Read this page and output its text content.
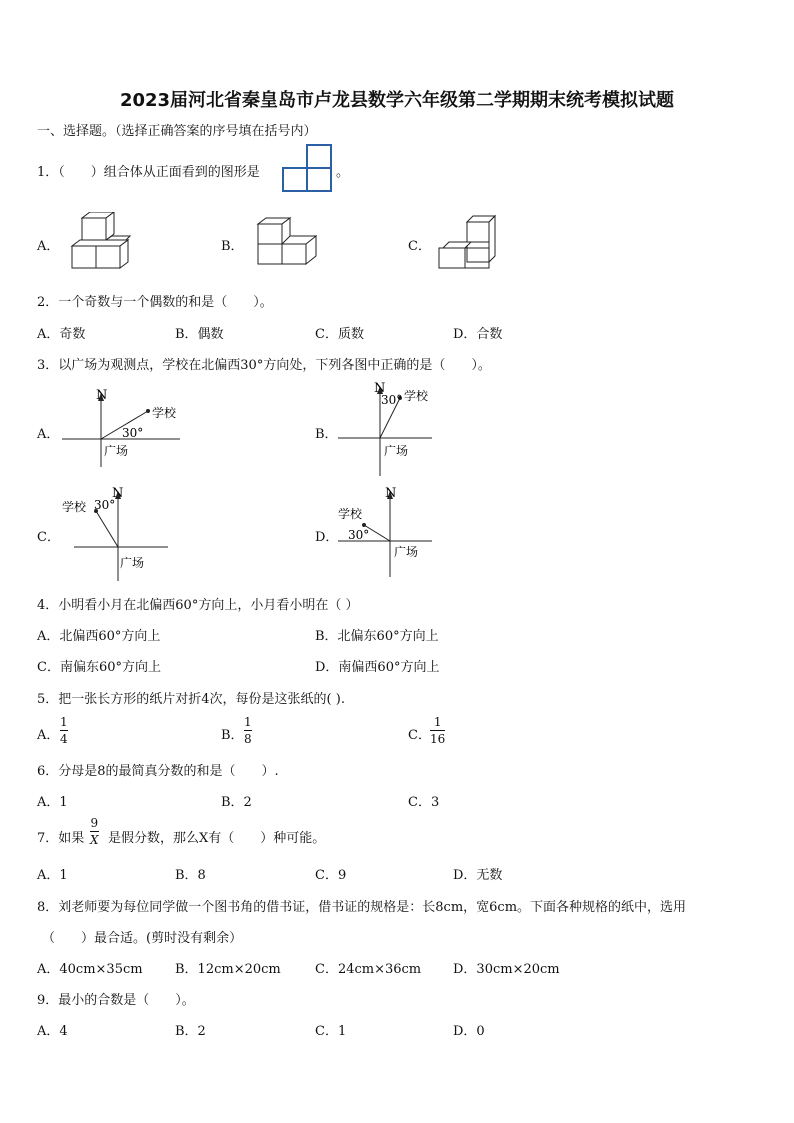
2023届河北省秦皇岛市卢龙县数学六年级第二学期期末统考模拟试题
一、选择题。（选择正确答案的序号填在括号内）
1．（　　）组合体从正面看到的图形是	。
A．	B．	C．
2．一个奇数与一个偶数的和是（　　）。
A．奇数	B．偶数	C．质数	D．合数
3．以广场为观测点，学校在北偏西30°方向处，下列各图中正确的是（　　）。
A．
N
学校
30°
广场
B．
N 学校
30°
广场
C．
N
学校 30°
广场
D．
N
学校
30°
广场
4．小明看小月在北偏西60°方向上，小月看小明在（ ）
A．北偏西60°方向上	B．北偏东60°方向上
C．南偏东60°方向上	D．南偏西60°方向上
5．把一张长方形的纸片对折4次，每份是这张纸的( ).
A．
1
4	B．
1
8	C．
1
16
6．分母是8的最简真分数的和是（　　）.
A．1	B．2	C．3
7．如果
9
X 是假分数，那么X有（　　）种可能。
A．1	B．8	C．9	D．无数
8．刘老师要为每位同学做一个图书角的借书证，借书证的规格是：长8cm，宽6cm。下面各种规格的纸中，选用
（　　）最合适。(剪时没有剩余）
A．40cm×35cm B．12cm×20cm	C．24cm×36cm D．30cm×20cm
9．最小的合数是（　　）。
A．4	B．2	C．1	D．0
